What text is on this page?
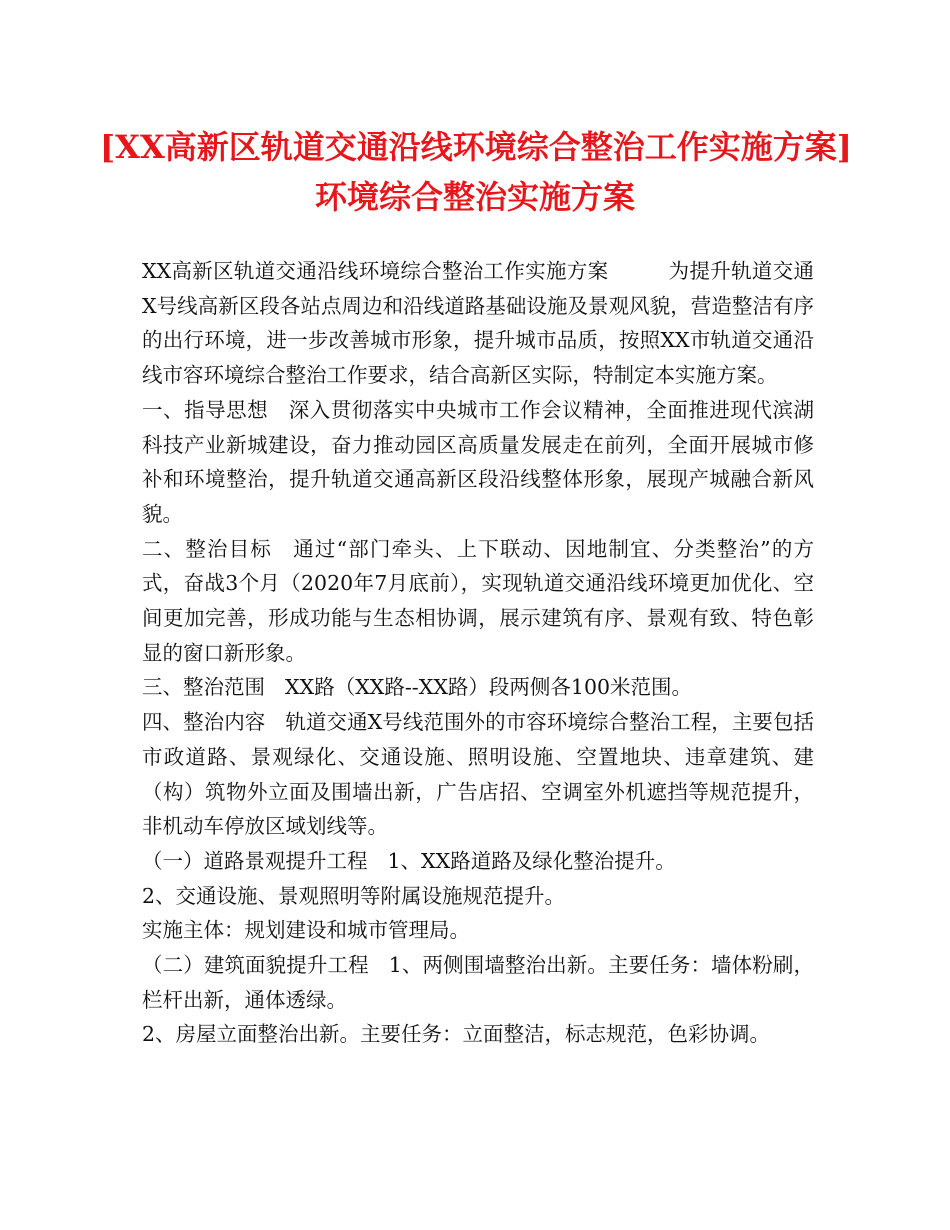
[XX高新区轨道交通沿线环境综合整治工作实施方案]
环境综合整治实施方案

XX高新区轨道交通沿线环境综合整治工作实施方案	为提升轨道交通X号线高新区段各站点周边和沿线道路基础设施及景观风貌，营造整洁有序的出行环境，进一步改善城市形象，提升城市品质，按照XX市轨道交通沿线市容环境综合整治工作要求，结合高新区实际，特制定本实施方案。

一、指导思想 深入贯彻落实中央城市工作会议精神，全面推进现代滨湖科技产业新城建设，奋力推动园区高质量发展走在前列，全面开展城市修补和环境整治，提升轨道交通高新区段沿线整体形象，展现产城融合新风貌。

二、整治目标 通过“部门牵头、上下联动、因地制宜、分类整治”的方式，奋战3个月（2020年7月底前），实现轨道交通沿线环境更加优化、空间更加完善，形成功能与生态相协调，展示建筑有序、景观有致、特色彰显的窗口新形象。

三、整治范围 XX路（XX路--XX路）段两侧各100米范围。

四、整治内容 轨道交通X号线范围外的市容环境综合整治工程，主要包括市政道路、景观绿化、交通设施、照明设施、空置地块、违章建筑、建（构）筑物外立面及围墙出新，广告店招、空调室外机遮挡等规范提升，非机动车停放区域划线等。

（一）道路景观提升工程 1、XX路道路及绿化整治提升。

2、交通设施、景观照明等附属设施规范提升。

实施主体：规划建设和城市管理局。

（二）建筑面貌提升工程 1、两侧围墙整治出新。主要任务：墙体粉刷，栏杆出新，通体透绿。

2、房屋立面整治出新。主要任务：立面整洁，标志规范，色彩协调。
